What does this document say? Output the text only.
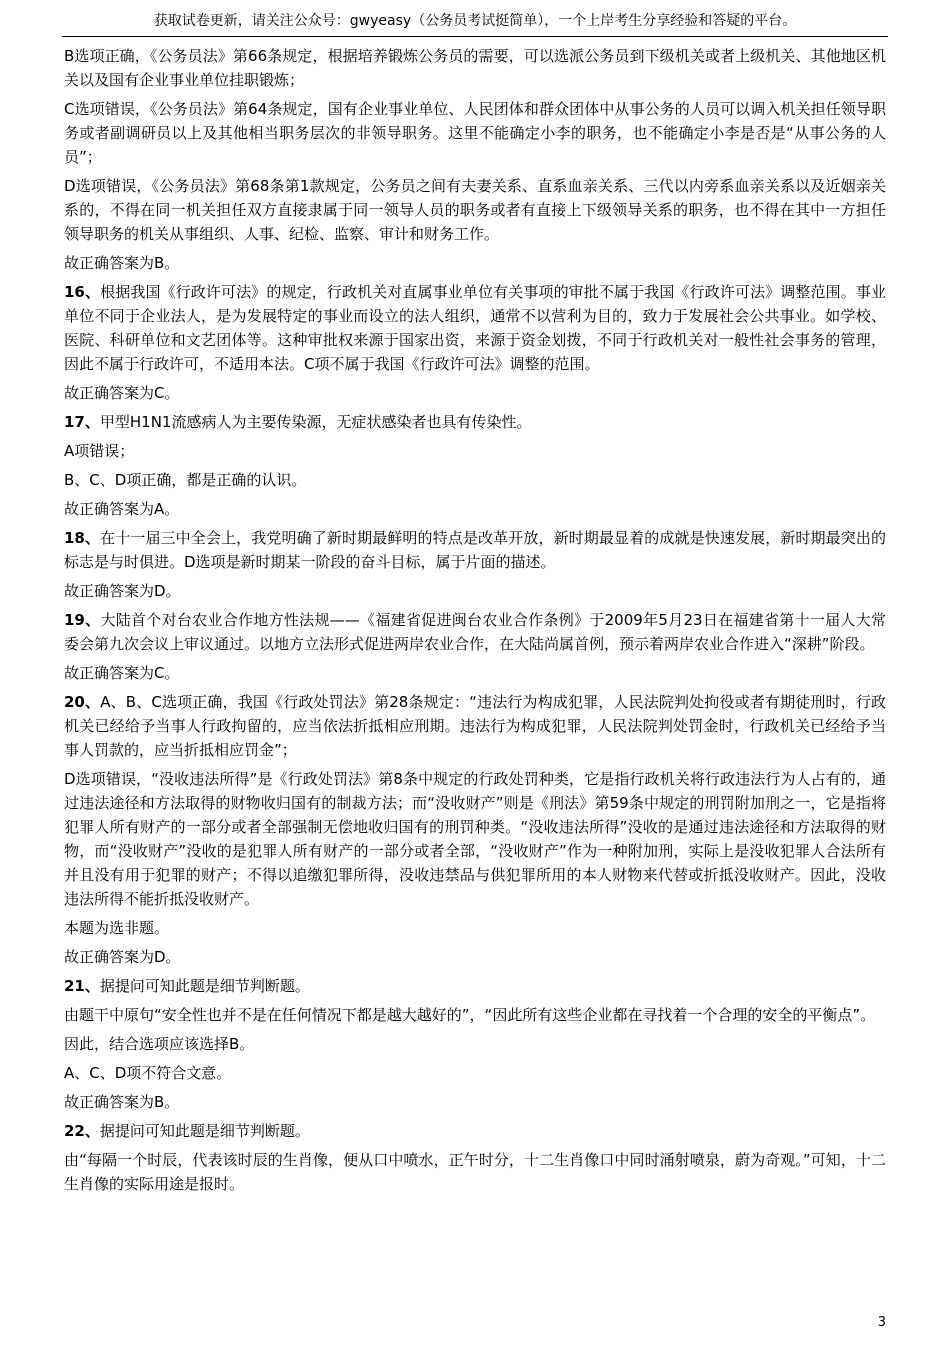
获取试卷更新，请关注公众号：gwyeasy（公务员考试挺简单），一个上岸考生分享经验和答疑的平台。

B选项正确，《公务员法》第66条规定，根据培养锻炼公务员的需要，可以选派公务员到下级机关或者上级机关、其他地区机关以及国有企业事业单位挂职锻炼；

C选项错误，《公务员法》第64条规定，国有企业事业单位、人民团体和群众团体中从事公务的人员可以调入机关担任领导职务或者副调研员以上及其他相当职务层次的非领导职务。这里不能确定小李的职务，也不能确定小李是否是“从事公务的人员”；

D选项错误，《公务员法》第68条第1款规定，公务员之间有夫妻关系、直系血亲关系、三代以内旁系血亲关系以及近姻亲关系的，不得在同一机关担任双方直接隶属于同一领导人员的职务或者有直接上下级领导关系的职务，也不得在其中一方担任领导职务的机关从事组织、人事、纪检、监察、审计和财务工作。

故正确答案为B。

16、根据我国《行政许可法》的规定，行政机关对直属事业单位有关事项的审批不属于我国《行政许可法》调整范围。事业单位不同于企业法人，是为发展特定的事业而设立的法人组织，通常不以营利为目的，致力于发展社会公共事业。如学校、医院、科研单位和文艺团体等。这种审批权来源于国家出资，来源于资金划拨，不同于行政机关对一般性社会事务的管理，因此不属于行政许可，不适用本法。C项不属于我国《行政许可法》调整的范围。

故正确答案为C。

17、甲型H1N1流感病人为主要传染源，无症状感染者也具有传染性。

A项错误；

B、C、D项正确，都是正确的认识。

故正确答案为A。

18、在十一届三中全会上，我党明确了新时期最鲜明的特点是改革开放，新时期最显着的成就是快速发展，新时期最突出的标志是与时俱进。D选项是新时期某一阶段的奋斗目标，属于片面的描述。

故正确答案为D。

19、大陆首个对台农业合作地方性法规——《福建省促进闽台农业合作条例》于2009年5月23日在福建省第十一届人大常委会第九次会议上审议通过。以地方立法形式促进两岸农业合作，在大陆尚属首例，预示着两岸农业合作进入“深耕”阶段。

故正确答案为C。

20、A、B、C选项正确，我国《行政处罚法》第28条规定：“违法行为构成犯罪，人民法院判处拘役或者有期徒刑时，行政机关已经给予当事人行政拘留的，应当依法折抵相应刑期。违法行为构成犯罪，人民法院判处罚金时，行政机关已经给予当事人罚款的，应当折抵相应罚金”；

D选项错误，“没收违法所得”是《行政处罚法》第8条中规定的行政处罚种类，它是指行政机关将行政违法行为人占有的，通过违法途径和方法取得的财物收归国有的制裁方法；而“没收财产”则是《刑法》第59条中规定的刑罚附加刑之一，它是指将犯罪人所有财产的一部分或者全部强制无偿地收归国有的刑罚种类。“没收违法所得”没收的是通过违法途径和方法取得的财物，而“没收财产”没收的是犯罪人所有财产的一部分或者全部，“没收财产”作为一种附加刑，实际上是没收犯罪人合法所有并且没有用于犯罪的财产；不得以追缴犯罪所得，没收违禁品与供犯罪所用的本人财物来代替或折抵没收财产。因此，没收违法所得不能折抵没收财产。

本题为选非题。

故正确答案为D。

21、据提问可知此题是细节判断题。

由题干中原句“安全性也并不是在任何情况下都是越大越好的”，“因此所有这些企业都在寻找着一个合理的安全的平衡点”。

因此，结合选项应该选择B。

A、C、D项不符合文意。

故正确答案为B。

22、据提问可知此题是细节判断题。

由“每隔一个时辰，代表该时辰的生肖像，便从口中喷水，正午时分，十二生肖像口中同时涌射喷泉，蔚为奇观。”可知，十二生肖像的实际用途是报时。

3
